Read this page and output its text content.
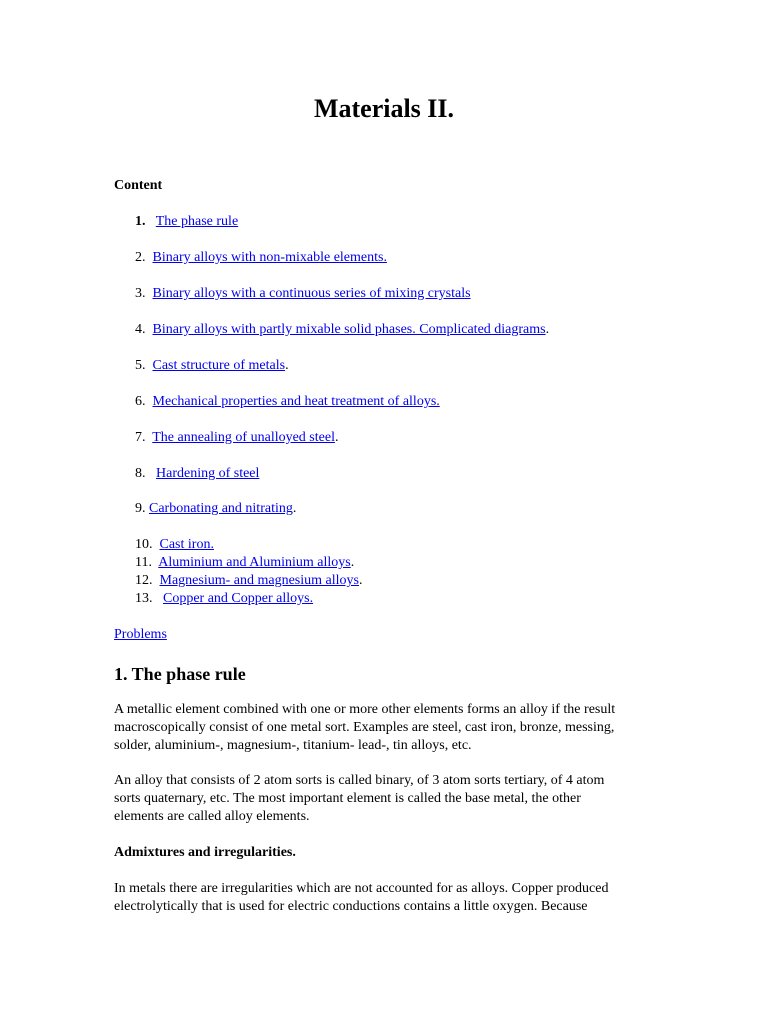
Materials II.
Content
1. The phase rule
2. Binary alloys with non-mixable elements.
3. Binary alloys with a continuous series of mixing crystals
4. Binary alloys with partly mixable solid phases. Complicated diagrams.
5. Cast structure of metals.
6. Mechanical properties and heat treatment of alloys.
7. The annealing of unalloyed steel.
8. Hardening of steel
9. Carbonating and nitrating.
10. Cast iron.
11. Aluminium and Aluminium alloys.
12. Magnesium- and magnesium alloys.
13. Copper and Copper alloys.
Problems
1. The phase rule

A metallic element combined with one or more other elements forms an alloy if the result

macroscopically consist of one metal sort. Examples are steel, cast iron, bronze, messing,

solder, aluminium-, magnesium-, titanium- lead-, tin alloys, etc.

An alloy that consists of 2 atom sorts is called binary, of 3 atom sorts tertiary, of 4 atom

sorts quaternary, etc. The most important element is called the base metal, the other

elements are called alloy elements.

Admixtures and irregularities.

In metals there are irregularities which are not accounted for as alloys. Copper produced

electrolytically that is used for electric conductions contains a little oxygen. Because
